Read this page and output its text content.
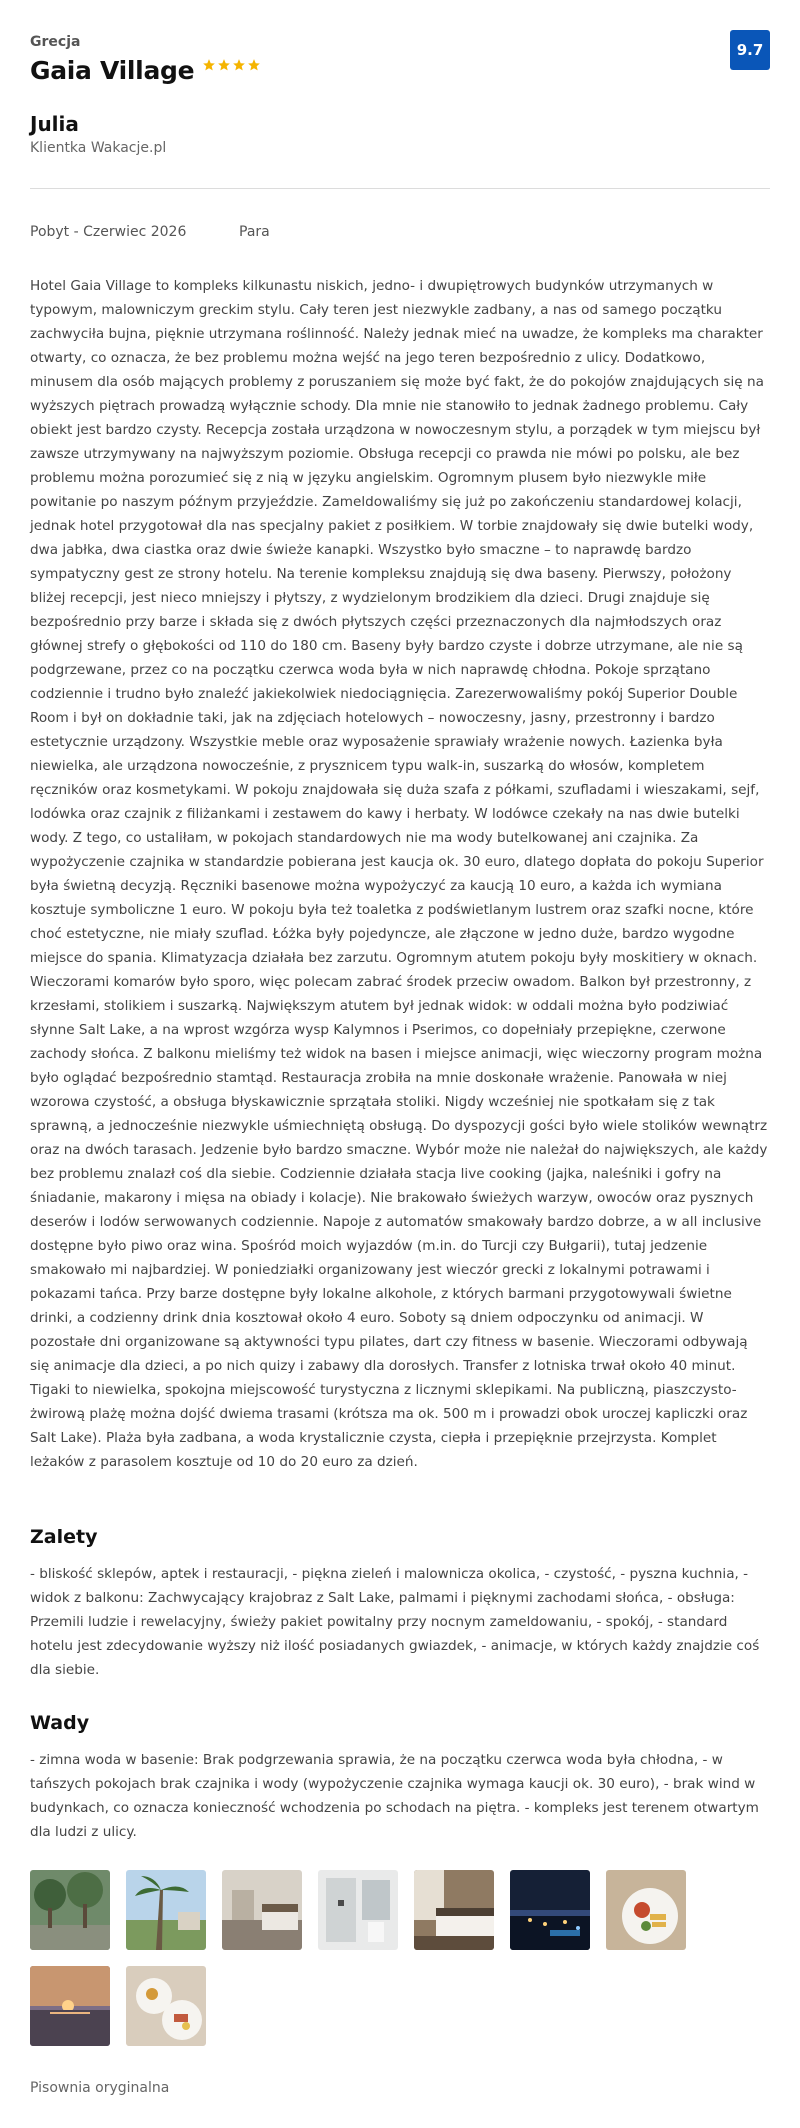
Grecja
Gaia Village
9.7
Julia
Klientka Wakacje.pl
Pobyt - Czerwiec 2026	Para
Hotel Gaia Village to kompleks kilkunastu niskich, jedno- i dwupiętrowych budynków utrzymanych w typowym, malowniczym greckim stylu. Cały teren jest niezwykle zadbany, a nas od samego początku zachwyciła bujna, pięknie utrzymana roślinność. Należy jednak mieć na uwadze, że kompleks ma charakter otwarty, co oznacza, że bez problemu można wejść na jego teren bezpośrednio z ulicy. Dodatkowo, minusem dla osób mających problemy z poruszaniem się może być fakt, że do pokojów znajdujących się na wyższych piętrach prowadzą wyłącznie schody. Dla mnie nie stanowiło to jednak żadnego problemu. Cały obiekt jest bardzo czysty. Recepcja została urządzona w nowoczesnym stylu, a porządek w tym miejscu był zawsze utrzymywany na najwyższym poziomie. Obsługa recepcji co prawda nie mówi po polsku, ale bez problemu można porozumieć się z nią w języku angielskim. Ogromnym plusem było niezwykle miłe powitanie po naszym późnym przyjeździe. Zameldowaliśmy się już po zakończeniu standardowej kolacji, jednak hotel przygotował dla nas specjalny pakiet z posiłkiem. W torbie znajdowały się dwie butelki wody, dwa jabłka, dwa ciastka oraz dwie świeże kanapki. Wszystko było smaczne – to naprawdę bardzo sympatyczny gest ze strony hotelu. Na terenie kompleksu znajdują się dwa baseny. Pierwszy, położony bliżej recepcji, jest nieco mniejszy i płytszy, z wydzielonym brodzikiem dla dzieci. Drugi znajduje się bezpośrednio przy barze i składa się z dwóch płytszych części przeznaczonych dla najmłodszych oraz głównej strefy o głębokości od 110 do 180 cm. Baseny były bardzo czyste i dobrze utrzymane, ale nie są podgrzewane, przez co na początku czerwca woda była w nich naprawdę chłodna. Pokoje sprzątano codziennie i trudno było znaleźć jakiekolwiek niedociągnięcia. Zarezerwowaliśmy pokój Superior Double Room i był on dokładnie taki, jak na zdjęciach hotelowych – nowoczesny, jasny, przestronny i bardzo estetycznie urządzony. Wszystkie meble oraz wyposażenie sprawiały wrażenie nowych. Łazienka była niewielka, ale urządzona nowocześnie, z prysznicem typu walk-in, suszarką do włosów, kompletem ręczników oraz kosmetykami. W pokoju znajdowała się duża szafa z półkami, szufladami i wieszakami, sejf, lodówka oraz czajnik z filiżankami i zestawem do kawy i herbaty. W lodówce czekały na nas dwie butelki wody. Z tego, co ustaliłam, w pokojach standardowych nie ma wody butelkowanej ani czajnika. Za wypożyczenie czajnika w standardzie pobierana jest kaucja ok. 30 euro, dlatego dopłata do pokoju Superior była świetną decyzją. Ręczniki basenowe można wypożyczyć za kaucją 10 euro, a każda ich wymiana kosztuje symboliczne 1 euro. W pokoju była też toaletka z podświetlanym lustrem oraz szafki nocne, które choć estetyczne, nie miały szuflad. Łóżka były pojedyncze, ale złączone w jedno duże, bardzo wygodne miejsce do spania. Klimatyzacja działała bez zarzutu. Ogromnym atutem pokoju były moskitiery w oknach. Wieczorami komarów było sporo, więc polecam zabrać środek przeciw owadom. Balkon był przestronny, z krzesłami, stolikiem i suszarką. Największym atutem był jednak widok: w oddali można było podziwiać słynne Salt Lake, a na wprost wzgórza wysp Kalymnos i Pserimos, co dopełniały przepiękne, czerwone zachody słońca. Z balkonu mieliśmy też widok na basen i miejsce animacji, więc wieczorny program można było oglądać bezpośrednio stamtąd. Restauracja zrobiła na mnie doskonałe wrażenie. Panowała w niej wzorowa czystość, a obsługa błyskawicznie sprzątała stoliki. Nigdy wcześniej nie spotkałam się z tak sprawną, a jednocześnie niezwykle uśmiechniętą obsługą. Do dyspozycji gości było wiele stolików wewnątrz oraz na dwóch tarasach. Jedzenie było bardzo smaczne. Wybór może nie należał do największych, ale każdy bez problemu znalazł coś dla siebie. Codziennie działała stacja live cooking (jajka, naleśniki i gofry na śniadanie, makarony i mięsa na obiady i kolacje). Nie brakowało świeżych warzyw, owoców oraz pysznych deserów i lodów serwowanych codziennie. Napoje z automatów smakowały bardzo dobrze, a w all inclusive dostępne było piwo oraz wina. Spośród moich wyjazdów (m.in. do Turcji czy Bułgarii), tutaj jedzenie smakowało mi najbardziej. W poniedziałki organizowany jest wieczór grecki z lokalnymi potrawami i pokazami tańca. Przy barze dostępne były lokalne alkohole, z których barmani przygotowywali świetne drinki, a codzienny drink dnia kosztował około 4 euro. Soboty są dniem odpoczynku od animacji. W pozostałe dni organizowane są aktywności typu pilates, dart czy fitness w basenie. Wieczorami odbywają się animacje dla dzieci, a po nich quizy i zabawy dla dorosłych. Transfer z lotniska trwał około 40 minut. Tigaki to niewielka, spokojna miejscowość turystyczna z licznymi sklepikami. Na publiczną, piaszczysto-żwirową plażę można dojść dwiema trasami (krótsza ma ok. 500 m i prowadzi obok uroczej kapliczki oraz Salt Lake). Plaża była zadbana, a woda krystalicznie czysta, ciepła i przepięknie przejrzysta. Komplet leżaków z parasolem kosztuje od 10 do 20 euro za dzień.
Zalety
- bliskość sklepów, aptek i restauracji, - piękna zieleń i malownicza okolica, - czystość, - pyszna kuchnia, - widok z balkonu: Zachwycający krajobraz z Salt Lake, palmami i pięknymi zachodami słońca, - obsługa: Przemili ludzie i rewelacyjny, świeży pakiet powitalny przy nocnym zameldowaniu, - spokój, - standard hotelu jest zdecydowanie wyższy niż ilość posiadanych gwiazdek, - animacje, w których każdy znajdzie coś dla siebie.
Wady
- zimna woda w basenie: Brak podgrzewania sprawia, że na początku czerwca woda była chłodna, - w tańszych pokojach brak czajnika i wody (wypożyczenie czajnika wymaga kaucji ok. 30 euro), - brak wind w budynkach, co oznacza konieczność wchodzenia po schodach na piętra. - kompleks jest terenem otwartym dla ludzi z ulicy.
Pisownia oryginalna
